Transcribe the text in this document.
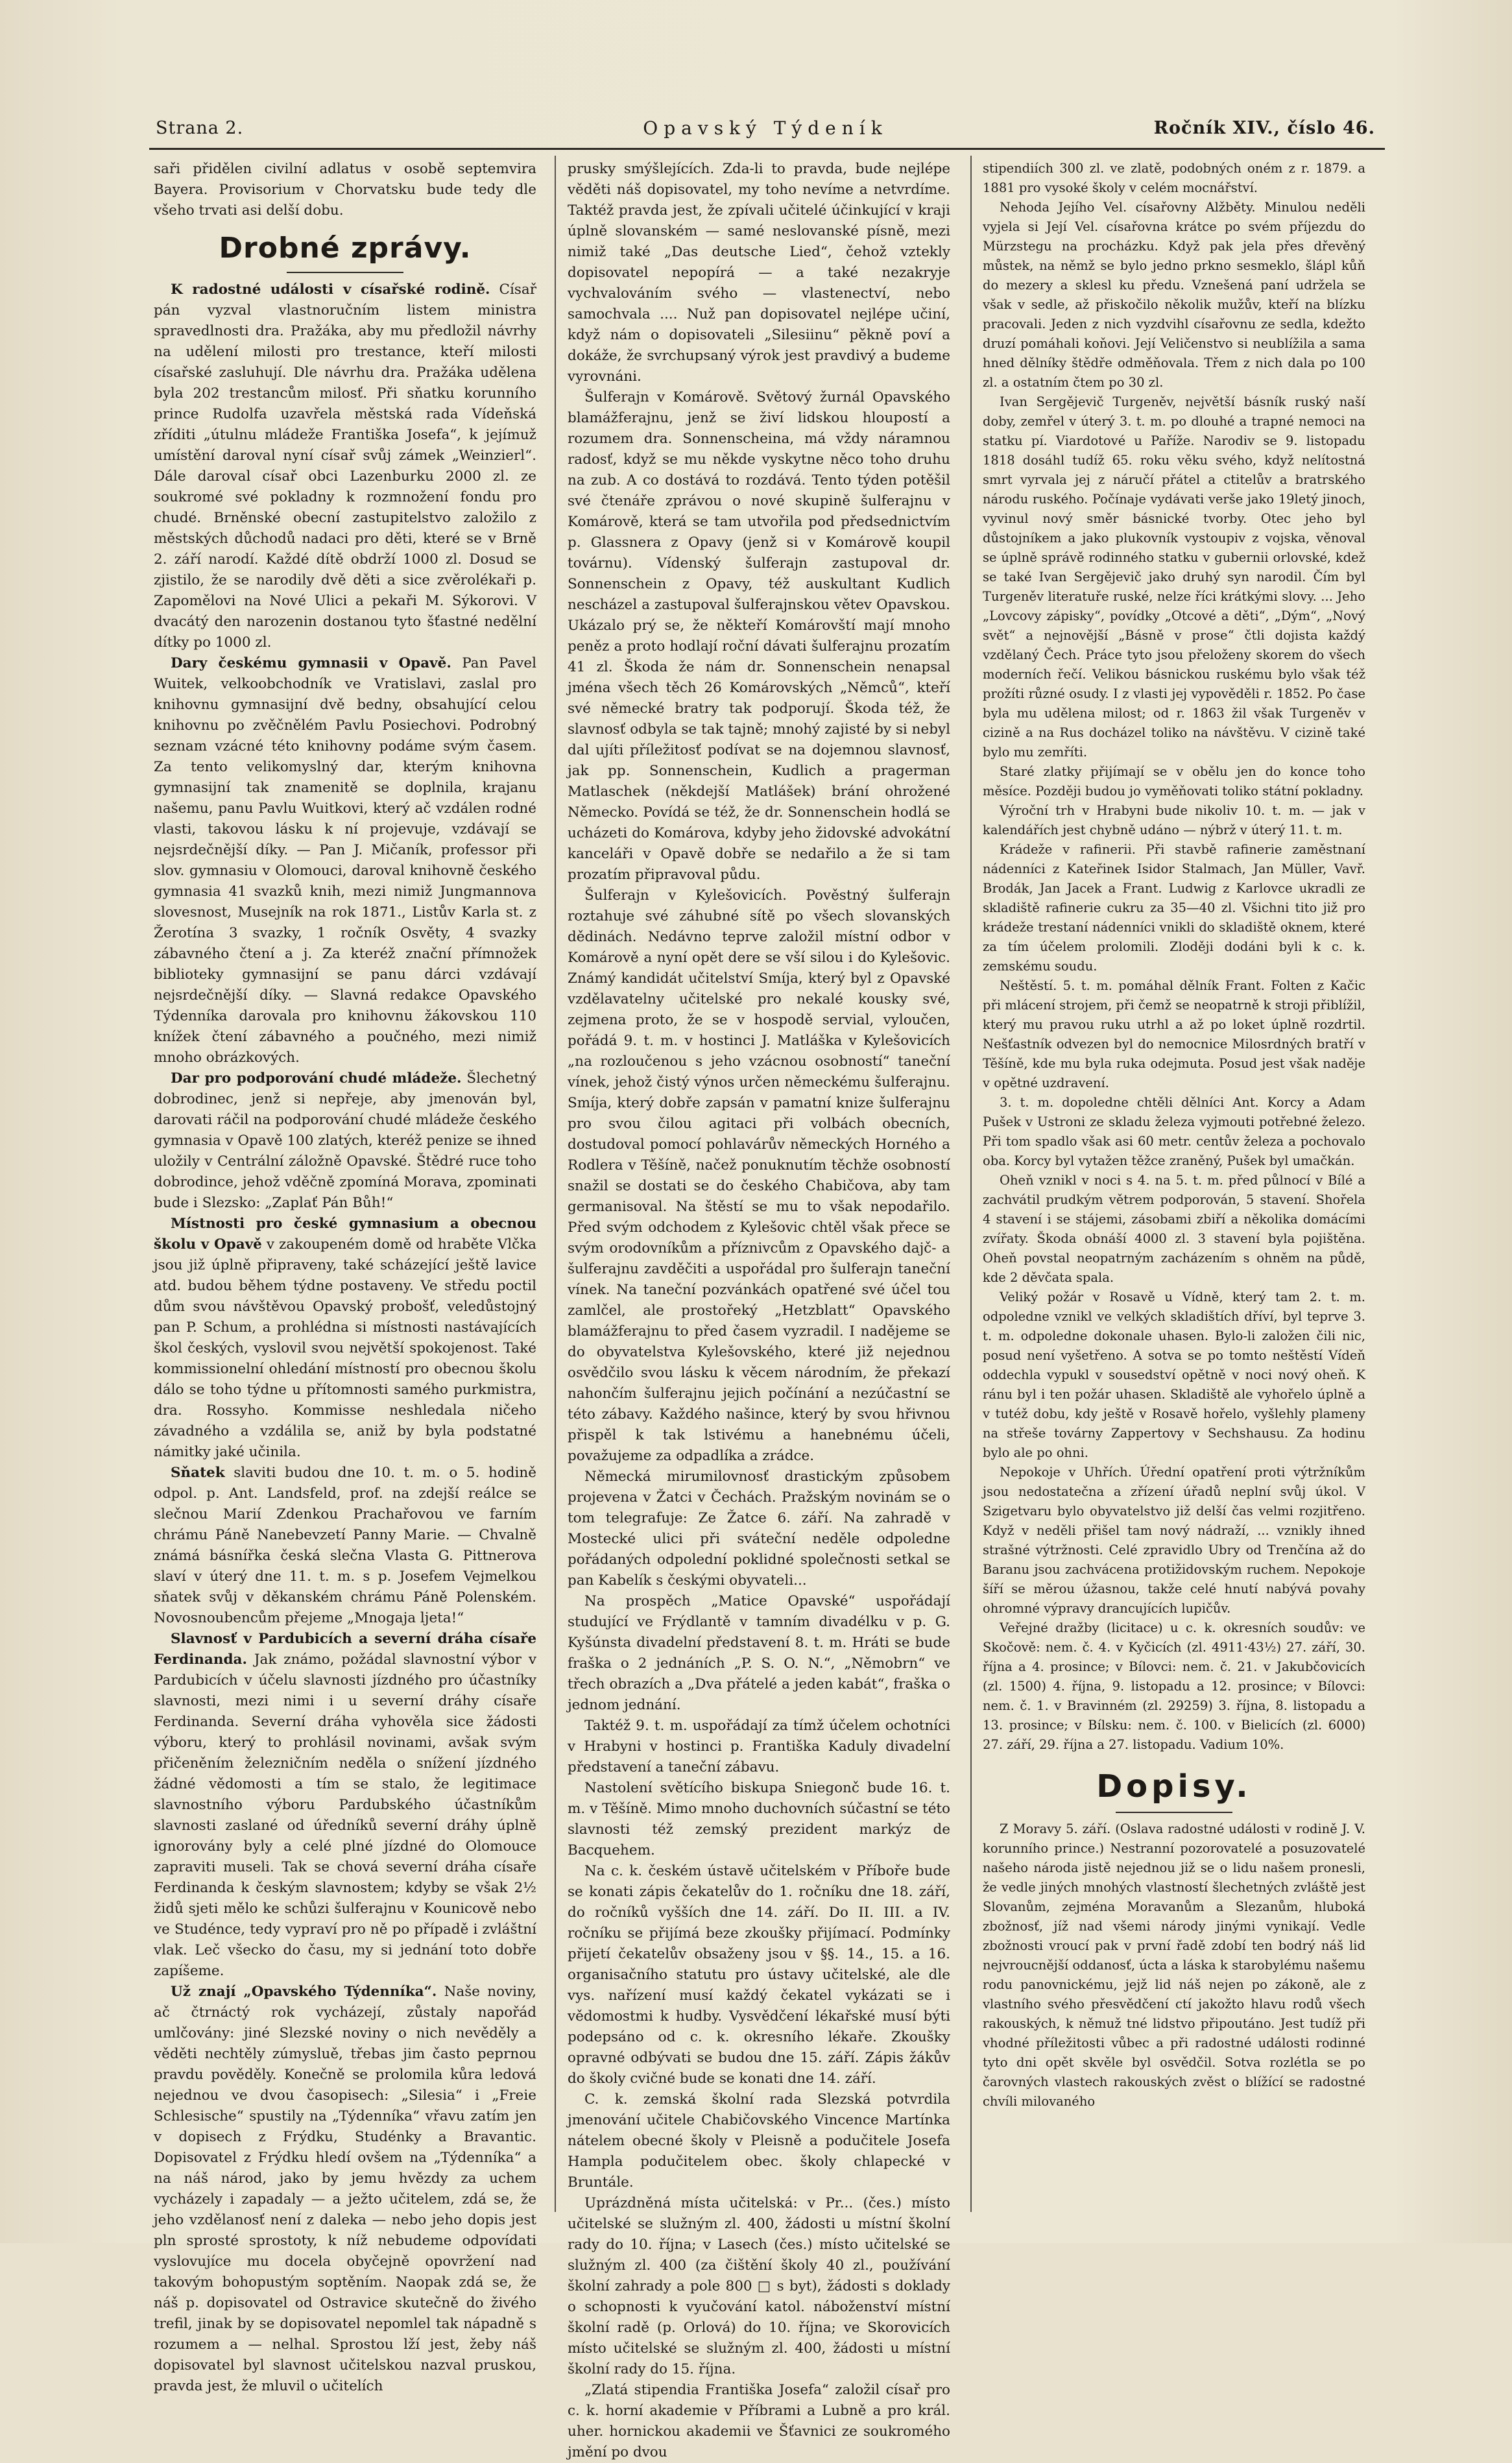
Strana 2.	Opavský Týdeník	Ročník XIV., číslo 46.

saři přidělen civilní adlatus v osobě septemvira Bayera. Provisorium v Chorvatsku bude tedy dle všeho trvati asi delší dobu.

Drobné zprávy.

K radostné události v císařské rodině. Císař pán vyzval vlastnoručním listem ministra spravedlnosti dra. Pražáka, aby mu předložil návrhy na udělení milosti pro trestance, kteří milosti císařské zasluhují. Dle návrhu dra. Pražáka udělena byla 202 trestancům milosť. Při sňatku korunního prince Rudolfa uzavřela městská rada Vídeňská zříditi „útulnu mládeže Františka Josefa“, k jejímuž umístění daroval nyní císař svůj zámek „Weinzierl“. Dále daroval císař obci Lazenburku 2000 zl. ze soukromé své pokladny k rozmnožení fondu pro chudé. Brněnské obecní zastupitelstvo založilo z městských důchodů nadaci pro děti, které se v Brně 2. září narodí. Každé dítě obdrží 1000 zl. Dosud se zjistilo, že se narodily dvě děti a sice zvěrolékaři p. Zapomělovi na Nové Ulici a pekaři M. Sýkorovi. V dvacátý den narozenin dostanou tyto šťastné nedělní dítky po 1000 zl.

Dary českému gymnasii v Opavě. Pan Pavel Wuitek, velkoobchodník ve Vratislavi, zaslal pro knihovnu gymnasijní dvě bedny, obsahující celou knihovnu po zvěčnělém Pavlu Posiechovi. Podrobný seznam vzácné této knihovny podáme svým časem. Za tento velikomyslný dar, kterým knihovna gymnasijní tak znamenitě se doplnila, krajanu našemu, panu Pavlu Wuitkovi, který ač vzdálen rodné vlasti, takovou lásku k ní projevuje, vzdávají se nejsrdečnější díky. — Pan J. Mičaník, professor při slov. gymnasiu v Olomouci, daroval knihovně českého gymnasia 41 svazků knih, mezi nimiž Jungmannova slovesnost, Musejník na rok 1871., Listův Karla st. z Žerotína 3 svazky, 1 ročník Osvěty, 4 svazky zábavného čtení a j. Za kteréž znační přímnožek biblioteky gymnasijní se panu dárci vzdávají nejsrdečnější díky. — Slavná redakce Opavského Týdenníka darovala pro knihovnu žákovskou 110 knížek čtení zábavného a poučného, mezi nimiž mnoho obrázkových.

Dar pro podporování chudé mládeže. Šlechetný dobrodinec, jenž si nepřeje, aby jmenován byl, darovati ráčil na podporování chudé mládeže českého gymnasia v Opavě 100 zlatých, kteréž penize se ihned uložily v Centrální záložně Opavské. Štědré ruce toho dobrodince, jehož vděčně zpomíná Morava, zpominati bude i Slezsko: „Zaplať Pán Bůh!“

Místnosti pro české gymnasium a obecnou školu v Opavě v zakoupeném domě od hraběte Vlčka jsou již úplně připraveny, také scházející ještě lavice atd. budou během týdne postaveny. Ve středu poctil dům svou návštěvou Opavský probošť, veledůstojný pan P. Schum, a prohlédna si místnosti nastávajících škol českých, vyslovil svou největší spokojenost. Také kommissionelní ohledání místností pro obecnou školu dálo se toho týdne u přítomnosti samého purkmistra, dra. Rossyho. Kommisse neshledala ničeho závadného a vzdálila se, aniž by byla podstatné námitky jaké učinila.

Sňatek slaviti budou dne 10. t. m. o 5. hodině odpol. p. Ant. Landsfeld, prof. na zdejší reálce se slečnou Marií Zdenkou Prachařovou ve farním chrámu Páně Nanebevzetí Panny Marie. — Chvalně známá básnířka česká slečna Vlasta G. Pittnerova slaví v úterý dne 11. t. m. s p. Josefem Vejmelkou sňatek svůj v děkanském chrámu Páně Polenském. Novosnoubencům přejeme „Mnogaja ljeta!“

Slavnosť v Pardubicích a severní dráha císaře Ferdinanda. Jak známo, požádal slavnostní výbor v Pardubicích v účelu slavnosti jízdného pro účastníky slavnosti, mezi nimi i u severní dráhy císaře Ferdinanda. Severní dráha vyhověla sice žádosti výboru, který to prohlásil novinami, avšak svým přičeněním železničním neděla o snížení jízdného žádné vědomosti a tím se stalo, že legitimace slavnostního výboru Pardubského účastníkům slavnosti zaslané od úředníků severní dráhy úplně ignorovány byly a celé plné jízdné do Olomouce zapraviti museli. Tak se chová severní dráha císaře Ferdinanda k českým slavnostem; kdyby se však 2½ židů sjeti mělo ke schůzi šulferajnu v Kounicově nebo ve Studénce, tedy vypraví pro ně po případě i zvláštní vlak. Leč všecko do času, my si jednání toto dobře zapíšeme.

Už znají „Opavského Týdenníka“. Naše noviny, ač čtrnáctý rok vycházejí, zůstaly napořád umlčovány: jiné Slezské noviny o nich nevěděly a věděti nechtěly zúmysluě, třebas jim často peprnou pravdu pověděly. Konečně se prolomila kůra ledová nejednou ve dvou časopisech: „Silesia“ i „Freie Schlesische“ spustily na „Týdenníka“ vřavu zatím jen v dopisech z Frýdku, Studénky a Bravantic. Dopisovatel z Frýdku hledí ovšem na „Týdenníka“ a na náš národ, jako by jemu hvězdy za uchem vycházely i zapadaly — a ježto učitelem, zdá se, že jeho vzdělanosť není z daleka — nebo jeho dopis jest pln sprosté sprostoty, k níž nebudeme odpovídati vyslovujíce mu docela obyčejně opovržení nad takovým bohopustým soptěním. Naopak zdá se, že náš p. dopisovatel od Ostravice skutečně do živého trefil, jinak by se dopisovatel nepomlel tak nápadně s rozumem a — nelhal. Sprostou lží jest, žeby náš dopisovatel byl slavnost učitelskou nazval pruskou, pravda jest, že mluvil o učitelích

prusky smýšlejících. Zda-li to pravda, bude nejlépe věděti náš dopisovatel, my toho nevíme a netvrdíme. Taktéž pravda jest, že zpívali učitelé účinkující v kraji úplně slovanském — samé neslovanské písně, mezi nimiž také „Das deutsche Lied“, čehož vztekly dopisovatel nepopírá — a také nezakryje vychvalováním svého — vlastenectví, nebo samochvala .... Nuž pan dopisovatel nejlépe učiní, když nám o dopisovateli „Silesiinu“ pěkně poví a dokáže, že svrchupsaný výrok jest pravdivý a budeme vyrovnáni.

Šulferajn v Komárově. Světový žurnál Opavského blamážferajnu, jenž se živí lidskou hloupostí a rozumem dra. Sonnenscheina, má vždy náramnou radosť, když se mu někde vyskytne něco toho druhu na zub. A co dostává to rozdává. Tento týden potěšil své čtenáře zprávou o nové skupině šulferajnu v Komárově, která se tam utvořila pod předsednictvím p. Glassnera z Opavy (jenž si v Komárově koupil továrnu). Vídenský šulferajn zastupoval dr. Sonnenschein z Opavy, též auskultant Kudlich nescházel a zastupoval šulferajnskou větev Opavskou. Ukázalo prý se, že někteří Komárovští mají mnoho peněz a proto hodlají roční dávati šulferajnu prozatím 41 zl. Škoda že nám dr. Sonnenschein nenapsal jména všech těch 26 Komárovských „Němců“, kteří své německé bratry tak podporují. Škoda též, že slavnosť odbyla se tak tajně; mnohý zajisté by si nebyl dal ujíti příležitosť podívat se na dojemnou slavnosť, jak pp. Sonnenschein, Kudlich a pragerman Matlaschek (někdejší Matlášek) brání ohrožené Německo. Povídá se též, že dr. Sonnenschein hodlá se ucházeti do Komárova, kdyby jeho židovské advokátní kanceláři v Opavě dobře se nedařilo a že si tam prozatím připravoval půdu.

Šulferajn v Kylešovicích. Pověstný šulferajn roztahuje své záhubné sítě po všech slovanských dědinách. Nedávno teprve založil místní odbor v Komárově a nyní opět dere se vší silou i do Kylešovic. Známý kandidát učitelství Smíja, který byl z Opavské vzdělavatelny učitelské pro nekalé kousky své, zejmena proto, že se v hospodě servial, vyloučen, pořádá 9. t. m. v hostinci J. Matláška v Kylešovicích „na rozloučenou s jeho vzácnou osobností“ taneční vínek, jehož čistý výnos určen německému šulferajnu. Smíja, který dobře zapsán v pamatní knize šulferajnu pro svou čilou agitaci při volbách obecních, dostudoval pomocí pohlavárův německých Horného a Rodlera v Těšíně, načež ponuknutím těchže osobností snažil se dostati se do českého Chabičova, aby tam germanisoval. Na štěstí se mu to však nepodařilo. Před svým odchodem z Kylešovic chtěl však přece se svým orodovníkům a příznivcům z Opavského dajč- a šulferajnu zavděčiti a uspořádal pro šulferajn taneční vínek. Na taneční pozvánkách opatřené své účel tou zamlčel, ale prostořeký „Hetzblatt“ Opavského blamážferajnu to před časem vyzradil. I nadějeme se do obyvatelstva Kylešovského, které již nejednou osvědčilo svou lásku k věcem národním, že překazí nahončím šulferajnu jejich počínání a nezúčastní se této zábavy. Každého našince, který by svou hřivnou přispěl k tak lstivému a hanebnému účeli, považujeme za odpadlíka a zrádce.

Německá mirumilovnosť drastickým způsobem projevena v Žatci v Čechách. Pražským novinám se o tom telegrafuje: Ze Žatce 6. září. Na zahradě v Mostecké ulici při sváteční neděle odpoledne pořádaných odpolední poklidné společnosti setkal se pan Kabelík s českými obyvateli...

Na prospěch „Matice Opavské“ uspořádají studující ve Frýdlantě v tamním divadélku v p. G. Kyšúnsta divadelní představení 8. t. m. Hráti se bude fraška o 2 jednáních „P. S. O. N.“, „Němobrn“ ve třech obrazích a „Dva přátelé a jeden kabát“, fraška o jednom jednání.

Taktéž 9. t. m. uspořádají za tímž účelem ochotníci v Hrabyni v hostinci p. Františka Kaduly divadelní představení a taneční zábavu.

Nastolení světícího biskupa Sniegonč bude 16. t. m. v Těšíně. Mimo mnoho duchovních súčastní se této slavnosti též zemský prezident markýz de Bacquehem.

Na c. k. českém ústavě učitelském v Příboře bude se konati zápis čekatelův do 1. ročníku dne 18. září, do ročníků vyšších dne 14. září. Do II. III. a IV. ročníku se přijímá beze zkoušky přijímací. Podmínky přijetí čekatelův obsaženy jsou v §§. 14., 15. a 16. organisačního statutu pro ústavy učitelské, ale dle vys. nařízení musí každý čekatel vykázati se i vědomostmi k hudby. Vysvědčení lékařské musí býti podepsáno od c. k. okresního lékaře. Zkoušky opravné odbývati se budou dne 15. září. Zápis žákův do školy cvičné bude se konati dne 14. září.

C. k. zemská školní rada Slezská potvrdila jmenování učitele Chabičovského Vincence Martínka nátelem obecné školy v Pleisně a podučitele Josefa Hampla podučitelem obec. školy chlapecké v Bruntále.

Uprázdněná místa učitelská: v Pr... (čes.) místo učitelské se služným zl. 400, žádosti u místní školní rady do 10. října; v Lasech (čes.) místo učitelské se služným zl. 400 (za čištění školy 40 zl., používání školní zahrady a pole 800 □ s byt), žádosti s doklady o schopnosti k vyučování katol. náboženství místní školní radě (p. Orlová) do 10. října; ve Skorovicích místo učitelské se služným zl. 400, žádosti u místní školní rady do 15. října.

„Zlatá stipendia Františka Josefa“ založil císař pro c. k. horní akademie v Příbrami a Lubně a pro král. uher. hornickou akademii ve Šťavnici ze soukromého jmění po dvou

stipendiích 300 zl. ve zlatě, podobných oném z r. 1879. a 1881 pro vysoké školy v celém mocnářství.

Nehoda Jejího Vel. císařovny Alžběty. Minulou neděli vyjela si Její Vel. císařovna krátce po svém příjezdu do Mürzstegu na procházku. Když pak jela přes dřevěný můstek, na němž se bylo jedno prkno sesmeklo, šlápl kůň do mezery a sklesl ku předu. Vznešená paní udržela se však v sedle, až přiskočilo několik mužův, kteří na blízku pracovali. Jeden z nich vyzdvihl císařovnu ze sedla, kdežto druzí pomáhali koňovi. Její Veličenstvo si neublížila a sama hned dělníky štědře odměňovala. Třem z nich dala po 100 zl. a ostatním čtem po 30 zl.

Ivan Sergějevič Turgeněv, největší básník ruský naší doby, zemřel v úterý 3. t. m. po dlouhé a trapné nemoci na statku pí. Viardotové u Paříže. Narodiv se 9. listopadu 1818 dosáhl tudíž 65. roku věku svého, když nelítostná smrt vyrvala jej z náručí přátel a ctitelův a bratrského národu ruského. Počínaje vydávati verše jako 19letý jinoch, vyvinul nový směr básnické tvorby. Otec jeho byl důstojníkem a jako plukovník vystoupiv z vojska, věnoval se úplně správě rodinného statku v gubernii orlovské, kdež se také Ivan Sergějevič jako druhý syn narodil. Čím byl Turgeněv literatuře ruské, nelze říci krátkými slovy. ... Jeho „Lovcovy zápisky“, povídky „Otcové a děti“, „Dým“, „Nový svět“ a nejnovější „Básně v prose“ čtli dojista každý vzdělaný Čech. Práce tyto jsou přeloženy skorem do všech moderních řečí. Velikou básnickou ruskému bylo však též prožíti různé osudy. I z vlasti jej vypověděli r. 1852. Po čase byla mu udělena milost; od r. 1863 žil však Turgeněv v cizině a na Rus docházel toliko na návštěvu. V cizině také bylo mu zemříti.

Staré zlatky přijímají se v obělu jen do konce toho měsíce. Později budou jo vyměňovati toliko státní pokladny.

Výroční trh v Hrabyni bude nikoliv 10. t. m. — jak v kalendářích jest chybně udáno — nýbrž v úterý 11. t. m.

Krádeže v rafinerii. Při stavbě rafinerie zaměstnaní nádenníci z Kateřinek Isidor Stalmach, Jan Müller, Vavř. Brodák, Jan Jacek a Frant. Ludwig z Karlovce ukradli ze skladiště rafinerie cukru za 35—40 zl. Všichni tito již pro krádeže trestaní nádenníci vnikli do skladiště oknem, které za tím účelem prolomili. Zloději dodáni byli k c. k. zemskému soudu.

Neštěstí. 5. t. m. pomáhal dělník Frant. Folten z Kačic při mlácení strojem, při čemž se neopatrně k stroji přiblížil, který mu pravou ruku utrhl a až po loket úplně rozdrtil. Nešťastník odvezen byl do nemocnice Milosrdných bratří v Těšíně, kde mu byla ruka odejmuta. Posud jest však naděje v opětné uzdravení.

3. t. m. dopoledne chtěli dělníci Ant. Korcy a Adam Pušek v Ustroni ze skladu železa vyjmouti potřebné železo. Při tom spadlo však asi 60 metr. centův železa a pochovalo oba. Korcy byl vytažen těžce zraněný, Pušek byl umačkán.

Oheň vznikl v noci s 4. na 5. t. m. před půlnocí v Bílé a zachvátil prudkým větrem podporován, 5 stavení. Shořela 4 stavení i se stájemi, zásobami zbiří a několika domácími zvířaty. Škoda obnáší 4000 zl. 3 stavení byla pojištěna. Oheň povstal neopatrným zacházením s ohněm na půdě, kde 2 děvčata spala.

Veliký požár v Rosavě u Vídně, který tam 2. t. m. odpoledne vznikl ve velkých skladištích dříví, byl teprve 3. t. m. odpoledne dokonale uhasen. Bylo-li založen čili nic, posud není vyšetřeno. A sotva se po tomto neštěstí Vídeň oddechla vypukl v sousedství opětně v noci nový oheň. K ránu byl i ten požár uhasen. Skladiště ale vyhořelo úplně a v tutéž dobu, kdy ještě v Rosavě hořelo, vyšlehly plameny na střeše továrny Zappertovy v Sechshausu. Za hodinu bylo ale po ohni.

Nepokoje v Uhřích. Úřední opatření proti výtržníkům jsou nedostatečna a zřízení úřadů neplní svůj úkol. V Szigetvaru bylo obyvatelstvo již delší čas velmi rozjitřeno. Když v neděli přišel tam nový nádraží, ... vznikly ihned strašné výtržnosti. Celé zpravidlo Ubry od Trenčína až do Baranu jsou zachvácena protižidovským ruchem. Nepokoje šíří se měrou úžasnou, takže celé hnutí nabývá povahy ohromné výpravy drancujících lupičův.

Veřejné dražby (licitace) u c. k. okresních soudův: ve Skočově: nem. č. 4. v Kyčicích (zl. 4911·43½) 27. září, 30. října a 4. prosince; v Bílovci: nem. č. 21. v Jakubčovicích (zl. 1500) 4. října, 9. listopadu a 12. prosince; v Bílovci: nem. č. 1. v Bravinném (zl. 29259) 3. října, 8. listopadu a 13. prosince; v Bílsku: nem. č. 100. v Bielicích (zl. 6000) 27. září, 29. října a 27. listopadu. Vadium 10%.

Dopisy.

Z Moravy 5. září. (Oslava radostné události v rodině J. V. korunního prince.) Nestranní pozorovatelé a posuzovatelé našeho národa jistě nejednou již se o lidu našem pronesli, že vedle jiných mnohých vlastností šlechetných zvláště jest Slovanům, zejména Moravanům a Slezanům, hluboká zbožnosť, jíž nad všemi národy jinými vynikají. Vedle zbožnosti vroucí pak v první řadě zdobí ten bodrý náš lid nejvroucnější oddanosť, úcta a láska k starobylému našemu rodu panovnickému, jejž lid náš nejen po zákoně, ale z vlastního svého přesvědčení ctí jakožto hlavu rodů všech rakouských, k němuž tné lidstvo připoutáno. Jest tudíž při vhodné příležitosti vůbec a při radostné události rodinné tyto dni opět skvěle byl osvědčil. Sotva rozlétla se po čarovných vlastech rakouských zvěst o blížící se radostné chvíli milovaného
